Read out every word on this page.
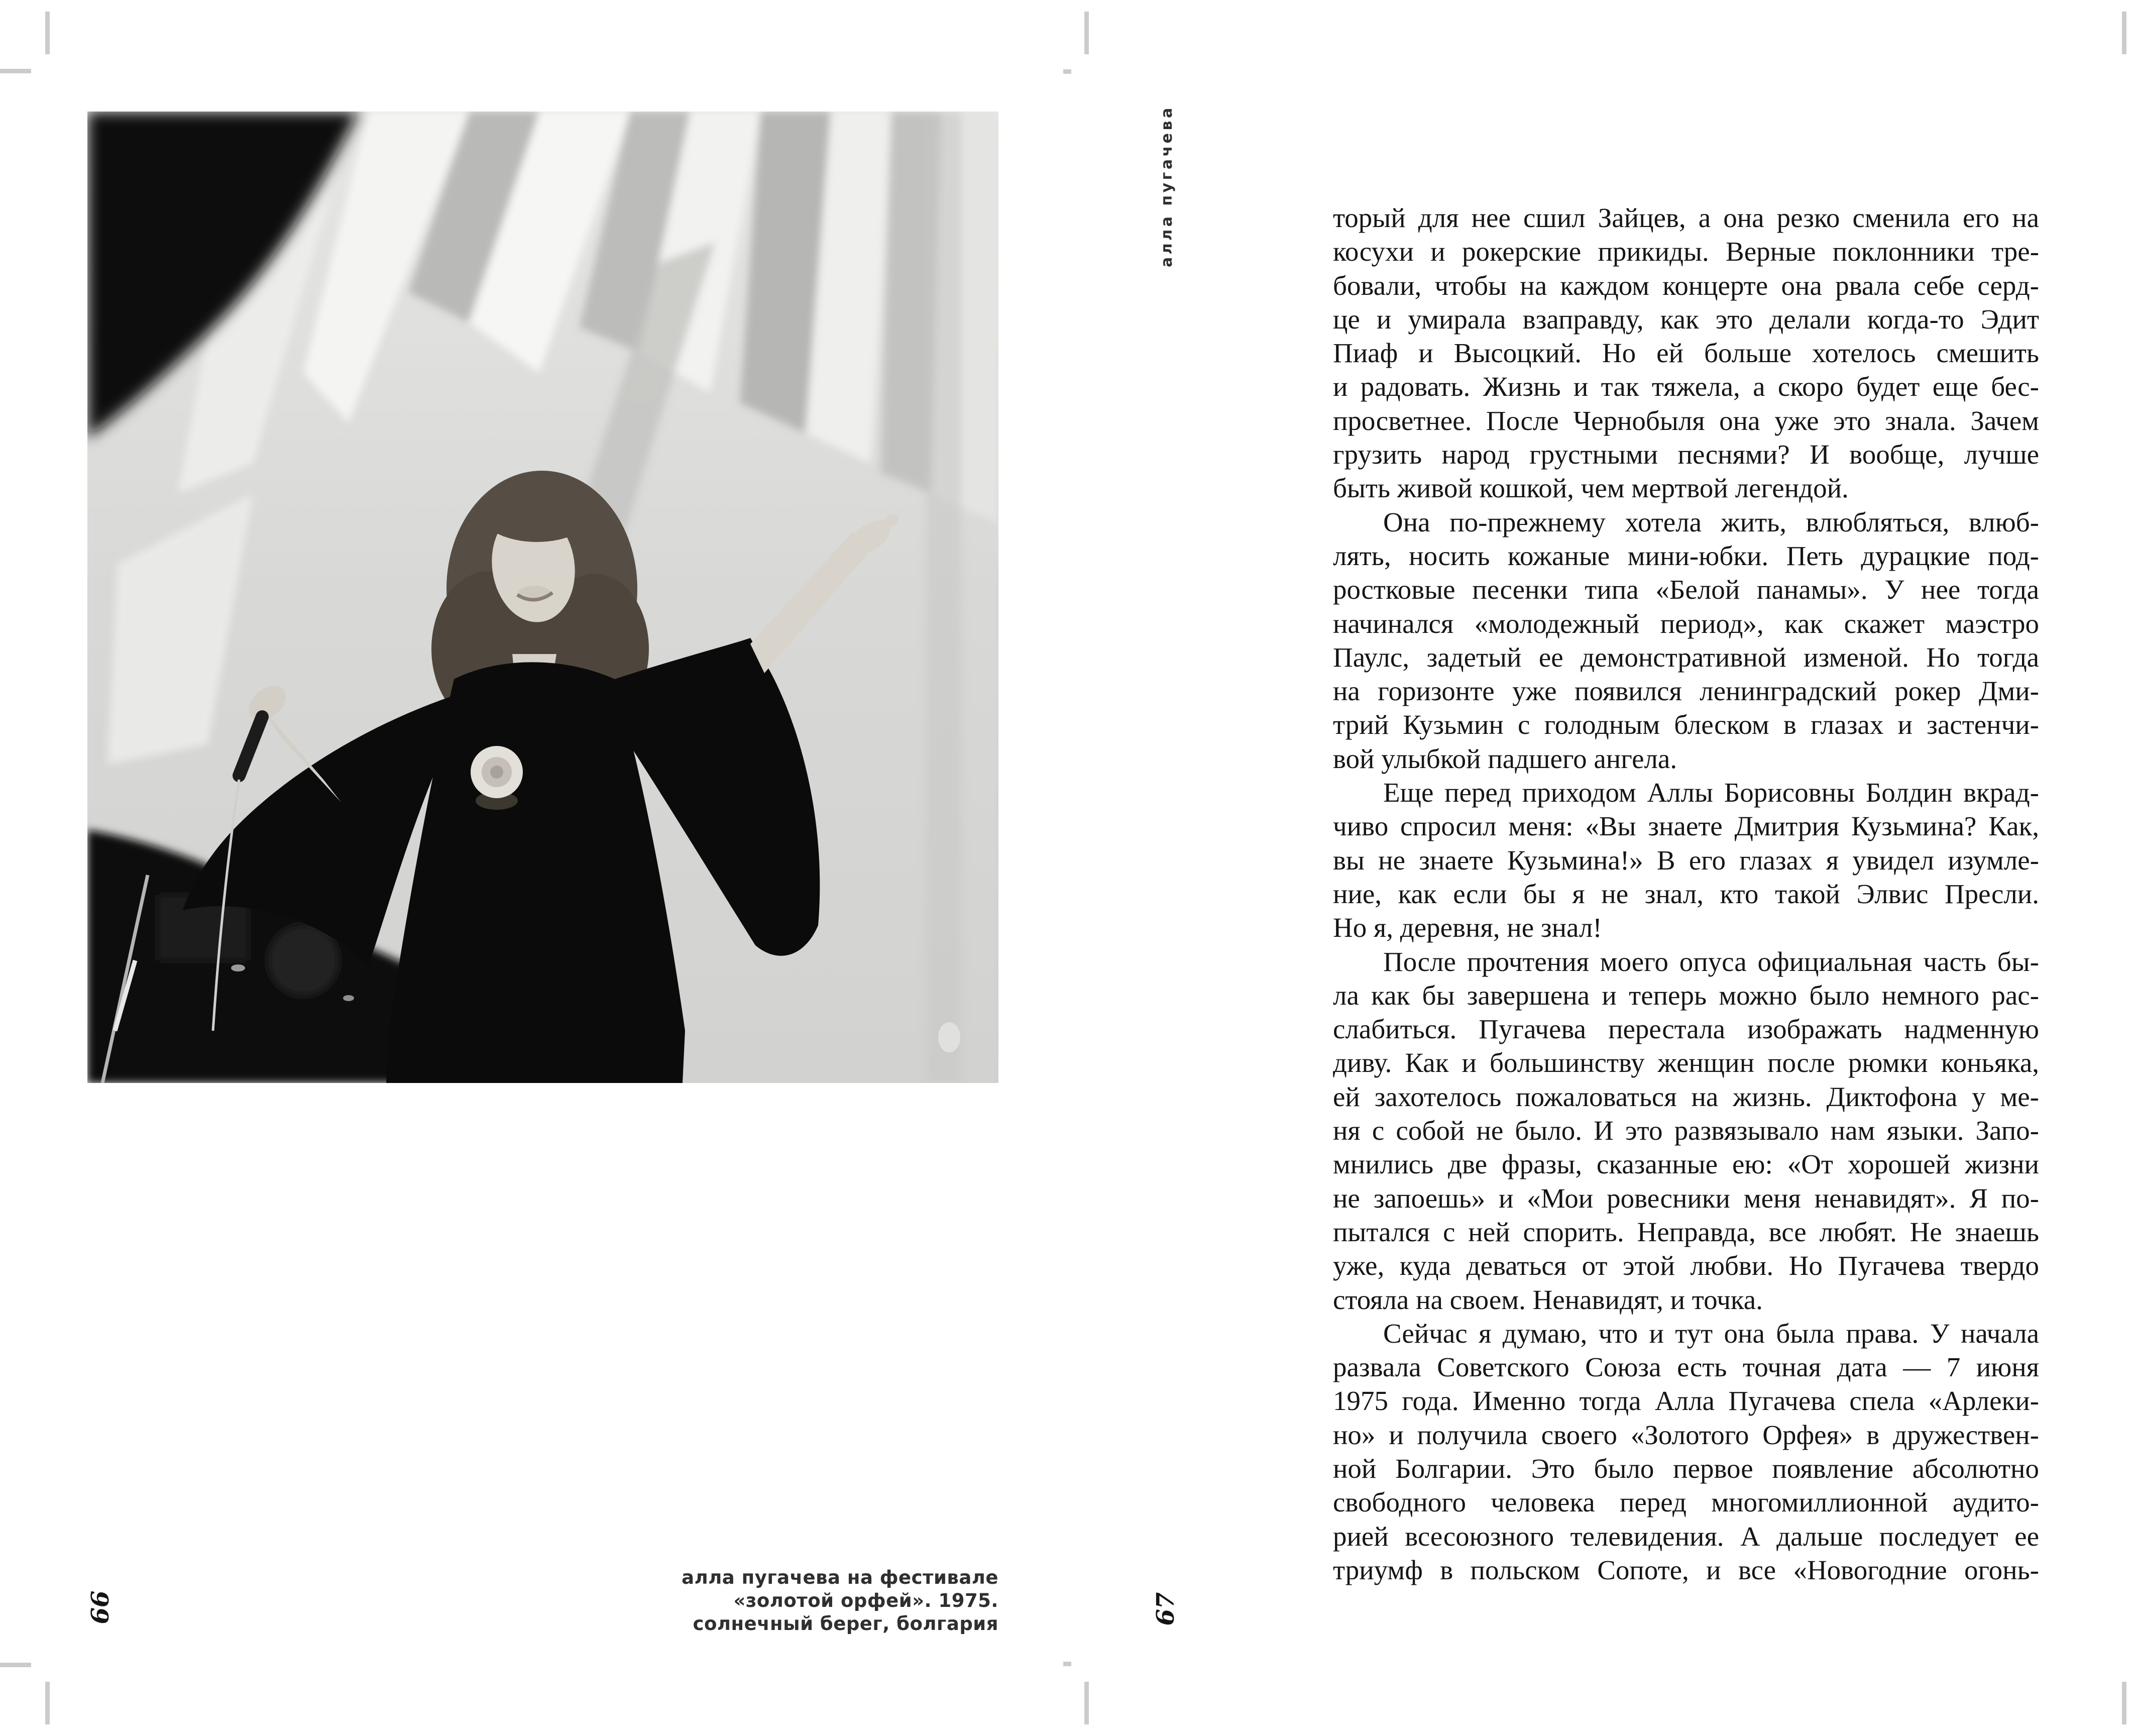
алла пугачева на фестивале
«золотой орфей». 1975.
солнечный берег, болгария
66
алла пугачева	торый для нее сшил Зайцев, а она резко сменила его на
косухи и рокерские прикиды. Верные поклонники тре-
бовали, чтобы на каждом концерте она рвала себе серд-
це и умирала взаправду, как это делали когда-то Эдит
Пиаф и Высоцкий. Но ей больше хотелось смешить
и радовать. Жизнь и так тяжела, а скоро будет еще бес-
просветнее. После Чернобыля она уже это знала. Зачем
грузить народ грустными песнями? И вообще, лучше
быть живой кошкой, чем мертвой легендой.
Она по-прежнему хотела жить, влюбляться, влюб-
лять, носить кожаные мини-юбки. Петь дурацкие под-
ростковые песенки типа «Белой панамы». У нее тогда
начинался «молодежный период», как скажет маэстро
Паулс, задетый ее демонстративной изменой. Но тогда
на горизонте уже появился ленинградский рокер Дми-
трий Кузьмин с голодным блеском в глазах и застенчи-
вой улыбкой падшего ангела.
Еще перед приходом Аллы Борисовны Болдин вкрад-
чиво спросил меня: «Вы знаете Дмитрия Кузьмина? Как,
вы не знаете Кузьмина!» В его глазах я увидел изумле-
ние, как если бы я не знал, кто такой Элвис Пресли.
Но я, деревня, не знал!
После прочтения моего опуса официальная часть бы-
ла как бы завершена и теперь можно было немного рас-
слабиться. Пугачева перестала изображать надменную
диву. Как и большинству женщин после рюмки коньяка,
ей захотелось пожаловаться на жизнь. Диктофона у ме-
ня с собой не было. И это развязывало нам языки. Запо-
мнились две фразы, сказанные ею: «От хорошей жизни
не запоешь» и «Мои ровесники меня ненавидят». Я по-
пытался с ней спорить. Неправда, все любят. Не знаешь
уже, куда деваться от этой любви. Но Пугачева твердо
стояла на своем. Ненавидят, и точка.
Сейчас я думаю, что и тут она была права. У начала
развала Советского Союза есть точная дата — 7 июня
1975 года. Именно тогда Алла Пугачева спела «Арлеки-
но» и получила своего «Золотого Орфея» в дружествен-
ной Болгарии. Это было первое появление абсолютно
свободного человека перед многомиллионной аудито-
рией всесоюзного телевидения. А дальше последует ее
триумф в польском Сопоте, и все «Новогодние огонь-
67
